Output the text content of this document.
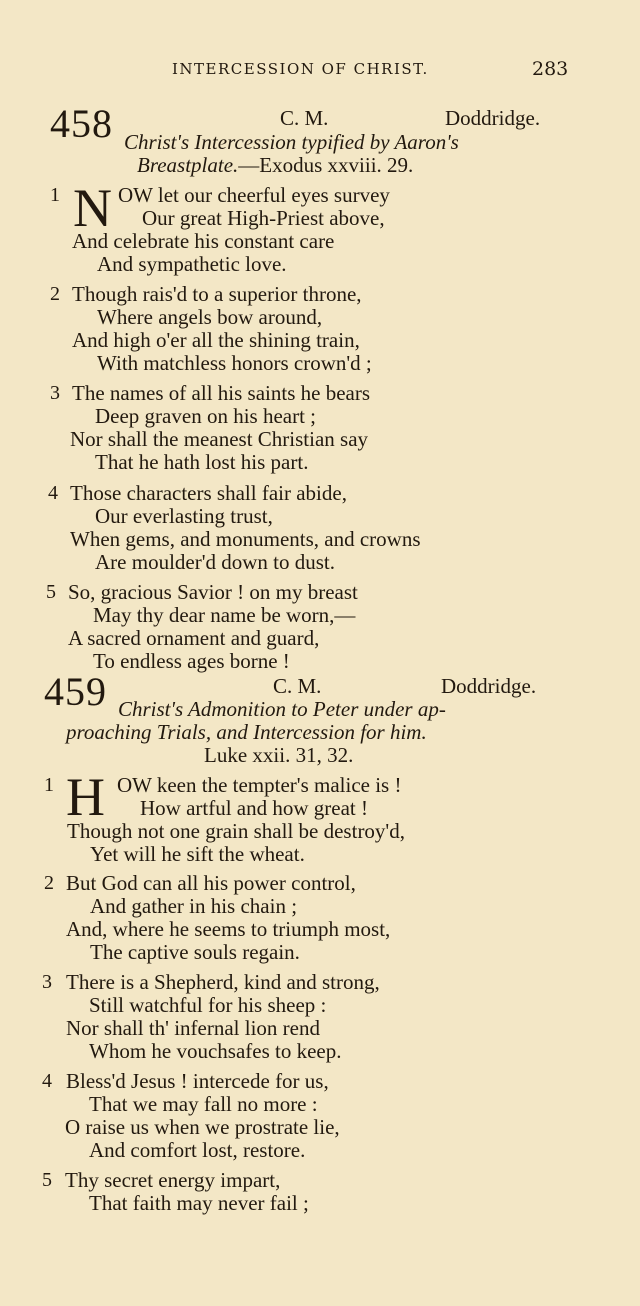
INTERCESSION OF CHRIST.	283
458	C. M.	Doddridge.
Christ's Intercession typified by Aaron's
Breastplate.—Exodus xxviii. 29.
1 N OW let our cheerful eyes survey
Our great High-Priest above,
And celebrate his constant care
And sympathetic love.
2 Though rais'd to a superior throne,
Where angels bow around,
And high o'er all the shining train,
With matchless honors crown'd ;
3 The names of all his saints he bears
Deep graven on his heart ;
Nor shall the meanest Christian say
That he hath lost his part.
4 Those characters shall fair abide,
Our everlasting trust,
When gems, and monuments, and crowns
Are moulder'd down to dust.
5 So, gracious Savior ! on my breast
May thy dear name be worn,—
A sacred ornament and guard,
To endless ages borne !
459	C. M.	Doddridge.
Christ's Admonition to Peter under ap-
proaching Trials, and Intercession for him.
Luke xxii. 31, 32.
1 H OW keen the tempter's malice is !
How artful and how great !
Though not one grain shall be destroy'd,
Yet will he sift the wheat.
2 But God can all his power control,
And gather in his chain ;
And, where he seems to triumph most,
The captive souls regain.
3 There is a Shepherd, kind and strong,
Still watchful for his sheep :
Nor shall th' infernal lion rend
Whom he vouchsafes to keep.
4 Bless'd Jesus ! intercede for us,
That we may fall no more :
O raise us when we prostrate lie,
And comfort lost, restore.
5 Thy secret energy impart,
That faith may never fail ;
